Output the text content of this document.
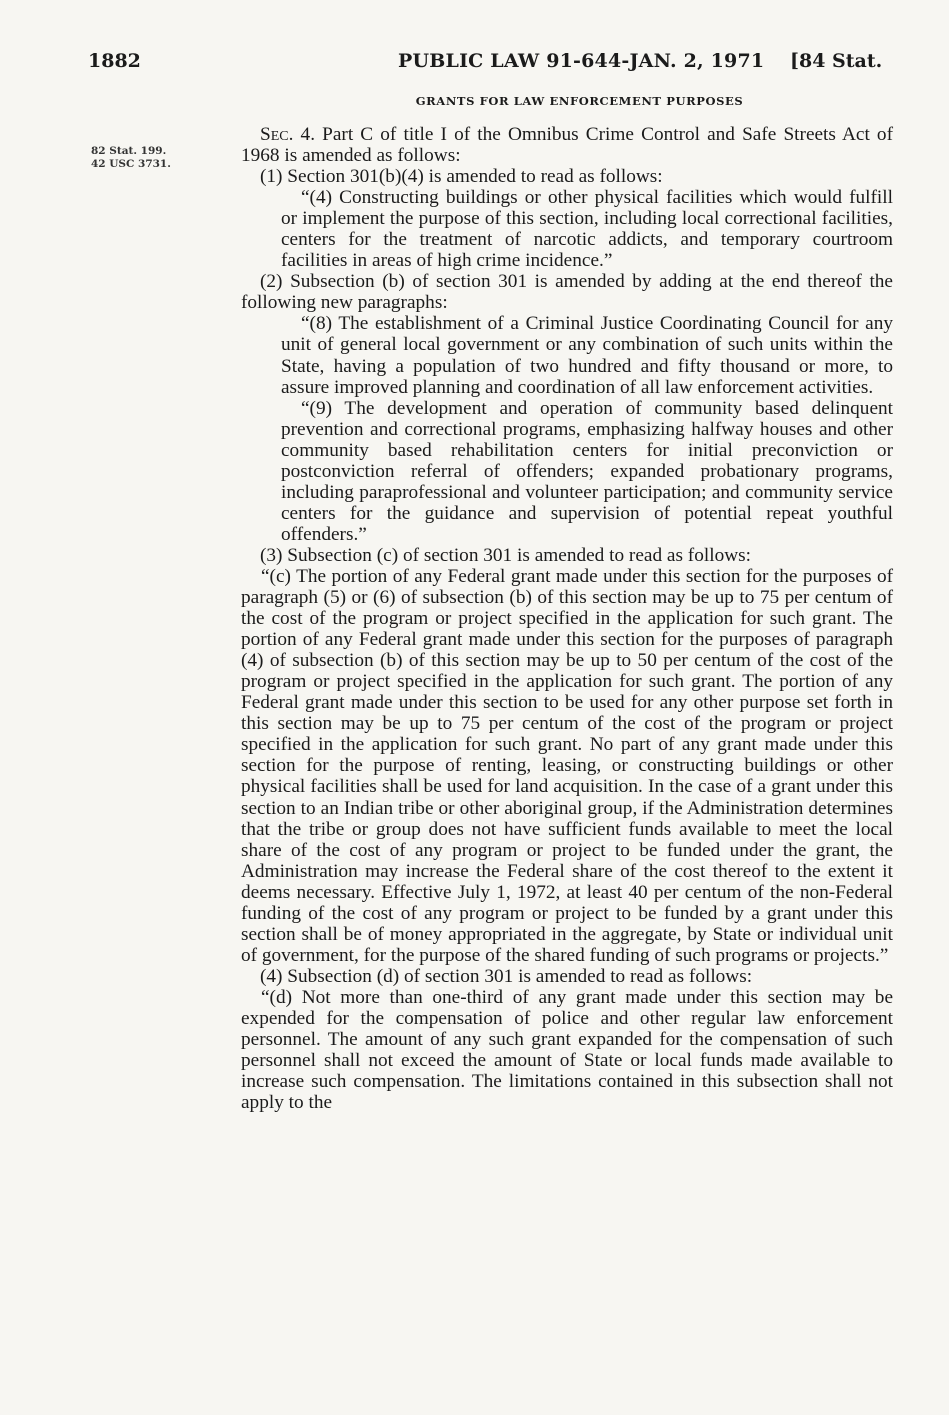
1882	PUBLIC LAW 91-644-JAN. 2, 1971 [84 Stat.
GRANTS FOR LAW ENFORCEMENT PURPOSES
82 Stat. 199.
42 USC 3731.

Sec. 4. Part C of title I of the Omnibus Crime Control and Safe Streets Act of 1968 is amended as follows:

(1) Section 301(b)(4) is amended to read as follows:

“(4) Constructing buildings or other physical facilities which would fulfill or implement the purpose of this section, including local correctional facilities, centers for the treatment of narcotic addicts, and temporary courtroom facilities in areas of high crime incidence.”

(2) Subsection (b) of section 301 is amended by adding at the end thereof the following new paragraphs:

“(8) The establishment of a Criminal Justice Coordinating Council for any unit of general local government or any combination of such units within the State, having a population of two hundred and fifty thousand or more, to assure improved planning and coordination of all law enforcement activities.

“(9) The development and operation of community based delinquent prevention and correctional programs, emphasizing halfway houses and other community based rehabilitation centers for initial preconviction or postconviction referral of offenders; expanded probationary programs, including paraprofessional and volunteer participation; and community service centers for the guidance and supervision of potential repeat youthful offenders.”

(3) Subsection (c) of section 301 is amended to read as follows:

“(c) The portion of any Federal grant made under this section for the purposes of paragraph (5) or (6) of subsection (b) of this section may be up to 75 per centum of the cost of the program or project specified in the application for such grant. The portion of any Federal grant made under this section for the purposes of paragraph (4) of subsection (b) of this section may be up to 50 per centum of the cost of the program or project specified in the application for such grant. The portion of any Federal grant made under this section to be used for any other purpose set forth in this section may be up to 75 per centum of the cost of the program or project specified in the application for such grant. No part of any grant made under this section for the purpose of renting, leasing, or constructing buildings or other physical facilities shall be used for land acquisition. In the case of a grant under this section to an Indian tribe or other aboriginal group, if the Administration determines that the tribe or group does not have sufficient funds available to meet the local share of the cost of any program or project to be funded under the grant, the Administration may increase the Federal share of the cost thereof to the extent it deems necessary. Effective July 1, 1972, at least 40 per centum of the non-Federal funding of the cost of any program or project to be funded by a grant under this section shall be of money appropriated in the aggregate, by State or individual unit of government, for the purpose of the shared funding of such programs or projects.”

(4) Subsection (d) of section 301 is amended to read as follows:

“(d) Not more than one-third of any grant made under this section may be expended for the compensation of police and other regular law enforcement personnel. The amount of any such grant expanded for the compensation of such personnel shall not exceed the amount of State or local funds made available to increase such compensation. The limitations contained in this subsection shall not apply to the
